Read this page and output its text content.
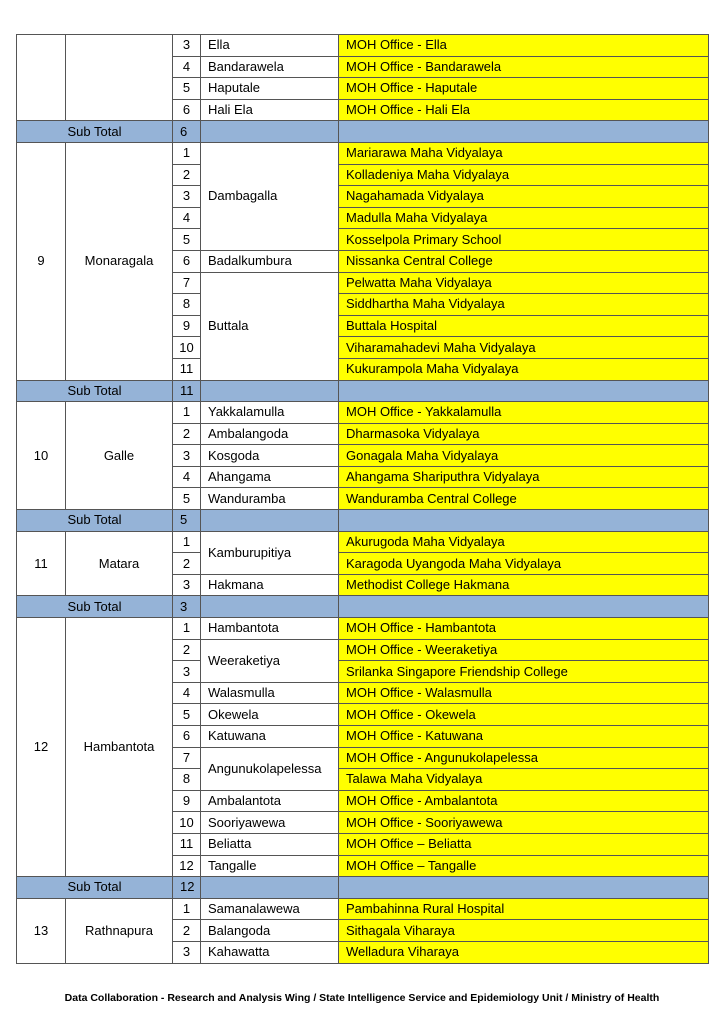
		3	Ella	MOH Office - Ella
		4	Bandarawela	MOH Office - Bandarawela
		5	Haputale	MOH Office - Haputale
		6	Hali Ela	MOH Office - Hali Ela
Sub Total		6		
9	Monaragala	1	Dambagalla	Mariarawa Maha Vidyalaya
		2		Kolladeniya Maha Vidyalaya
		3		Nagahamada Vidyalaya
		4		Madulla Maha Vidyalaya
		5		Kosselpola Primary School
		6	Badalkumbura	Nissanka Central College
		7	Buttala	Pelwatta Maha Vidyalaya
		8		Siddhartha Maha Vidyalaya
		9		Buttala Hospital
		10		Viharamahadevi Maha Vidyalaya
		11		Kukurampola Maha Vidyalaya
Sub Total		11		
10	Galle	1	Yakkalamulla	MOH Office - Yakkalamulla
		2	Ambalangoda	Dharmasoka Vidyalaya
		3	Kosgoda	Gonagala Maha Vidyalaya
		4	Ahangama	Ahangama Shariputhra Vidyalaya
		5	Wanduramba	Wanduramba Central College
Sub Total		5		
11	Matara	1	Kamburupitiya	Akurugoda Maha Vidyalaya
		2		Karagoda Uyangoda Maha Vidyalaya
		3	Hakmana	Methodist College Hakmana
Sub Total		3		
12	Hambantota	1	Hambantota	MOH Office - Hambantota
		2	Weeraketiya	MOH Office - Weeraketiya
		3		Srilanka Singapore Friendship College
		4	Walasmulla	MOH Office - Walasmulla
		5	Okewela	MOH Office - Okewela
		6	Katuwana	MOH Office - Katuwana
		7	Angunukolapelessa	MOH Office - Angunukolapelessa
		8		Talawa Maha Vidyalaya
		9	Ambalantota	MOH Office - Ambalantota
		10	Sooriyawewa	MOH Office - Sooriyawewa
		11	Beliatta	MOH Office – Beliatta
		12	Tangalle	MOH Office – Tangalle
Sub Total		12		
13	Rathnapura	1	Samanalawewa	Pambahinna Rural Hospital
		2	Balangoda	Sithagala Viharaya
		3	Kahawatta	Welladura Viharaya
Data Collaboration - Research and Analysis Wing / State Intelligence Service and Epidemiology Unit / Ministry of Health
